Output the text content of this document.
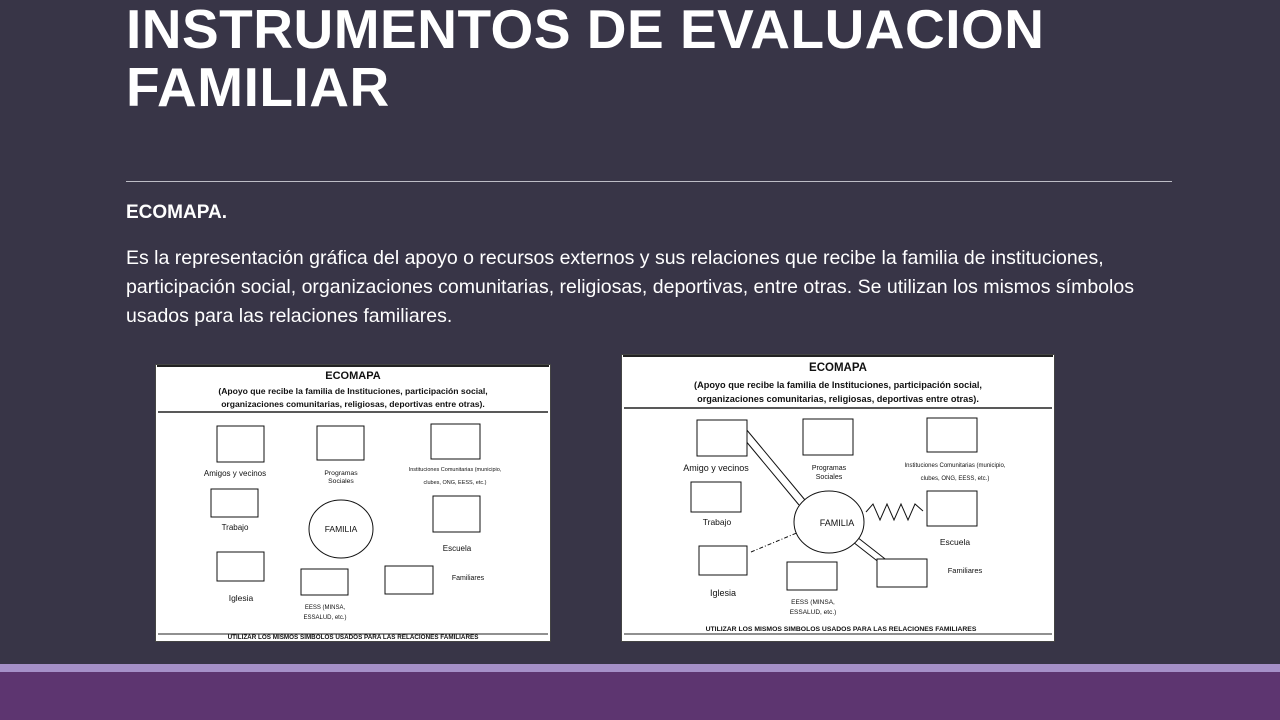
INSTRUMENTOS DE EVALUACION
FAMILIAR
ECOMAPA.
Es la representación gráfica del apoyo o recursos externos y sus relaciones que recibe la familia de instituciones, participación social, organizaciones comunitarias, religiosas, deportivas, entre otras. Se utilizan los mismos símbolos usados para las relaciones familiares.
ECOMAPA
(Apoyo que recibe la familia de Instituciones, participación social,
organizaciones comunitarias, religiosas, deportivas entre otras).
FAMILIA
Amigos y vecinos	Programas
Sociales
Instituciones Comunitarias (municipio,
clubes, ONG, EESS, etc.)
Trabajo
Escuela
Iglesia
EESS (MINSA,
ESSALUD, etc.)
Familiares
UTILIZAR LOS MISMOS SIMBOLOS USADOS PARA LAS RELACIONES FAMILIARES
ECOMAPA
(Apoyo que recibe la familia de Instituciones, participación social,
organizaciones comunitarias, religiosas, deportivas entre otras).
FAMILIA
Amigo y vecinos	Programas
Sociales
Instituciones Comunitarias (municipio,
clubes, ONG, EESS, etc.)
Trabajo
Escuela
Iglesia
EESS (MINSA,
ESSALUD, etc.)
Familiares
UTILIZAR LOS MISMOS SIMBOLOS USADOS PARA LAS RELACIONES FAMILIARES
